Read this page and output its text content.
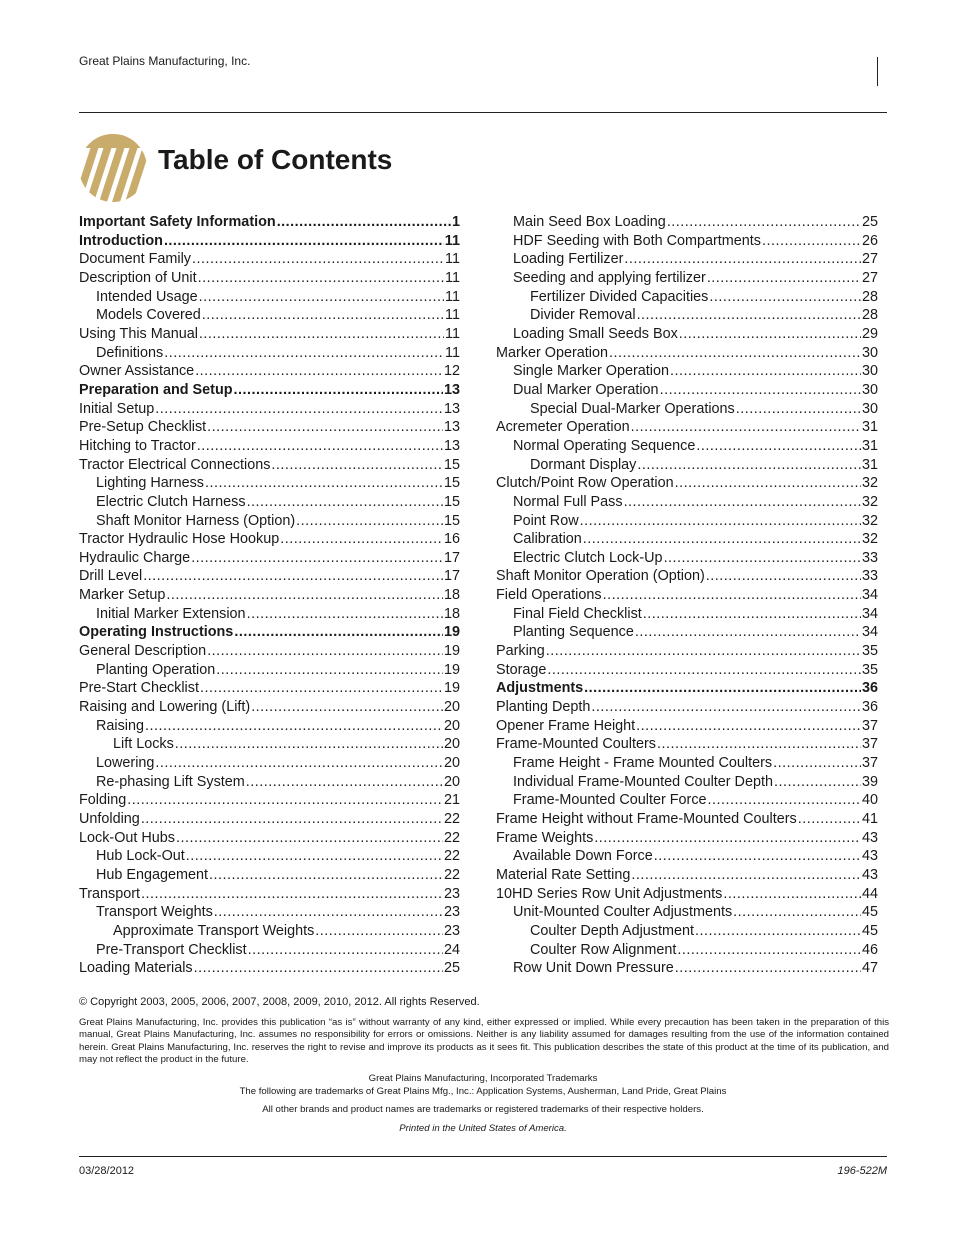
Great Plains Manufacturing, Inc.
Table of Contents
Important Safety Information .....	1
Introduction .....	11
Document Family .....	11
Description of Unit .....	11
Intended Usage .....	11
Models Covered .....	11
Using This Manual .....	11
Definitions .....	11
Owner Assistance .....	12
Preparation and Setup .....	13
Initial Setup .....	13
Pre-Setup Checklist .....	13
Hitching to Tractor .....	13
Tractor Electrical Connections .....	15
Lighting Harness .....	15
Electric Clutch Harness .....	15
Shaft Monitor Harness (Option) .....	15
Tractor Hydraulic Hose Hookup .....	16
Hydraulic Charge .....	17
Drill Level .....	17
Marker Setup .....	18
Initial Marker Extension .....	18
Operating Instructions .....	19
General Description .....	19
Planting Operation .....	19
Pre-Start Checklist .....	19
Raising and Lowering (Lift) .....	20
Raising .....	20
Lift Locks .....	20
Lowering .....	20
Re-phasing Lift System .....	20
Folding .....	21
Unfolding .....	22
Lock-Out Hubs .....	22
Hub Lock-Out .....	22
Hub Engagement .....	22
Transport .....	23
Transport Weights .....	23
Approximate Transport Weights .....	23
Pre-Transport Checklist .....	24
Loading Materials .....	25
Main Seed Box Loading .....	25
HDF Seeding with Both Compartments .....	26
Loading Fertilizer .....	27
Seeding and applying fertilizer .....	27
Fertilizer Divided Capacities .....	28
Divider Removal .....	28
Loading Small Seeds Box .....	29
Marker Operation .....	30
Single Marker Operation .....	30
Dual Marker Operation .....	30
Special Dual-Marker Operations .....	30
Acremeter Operation .....	31
Normal Operating Sequence .....	31
Dormant Display .....	31
Clutch/Point Row Operation .....	32
Normal Full Pass .....	32
Point Row .....	32
Calibration .....	32
Electric Clutch Lock-Up .....	33
Shaft Monitor Operation (Option) .....	33
Field Operations .....	34
Final Field Checklist .....	34
Planting Sequence .....	34
Parking .....	35
Storage .....	35
Adjustments .....	36
Planting Depth .....	36
Opener Frame Height .....	37
Frame-Mounted Coulters .....	37
Frame Height - Frame Mounted Coulters .....	37
Individual Frame-Mounted Coulter Depth .....	39
Frame-Mounted Coulter Force .....	40
Frame Height without Frame-Mounted Coulters .....	41
Frame Weights .....	43
Available Down Force .....	43
Material Rate Setting .....	43
10HD Series Row Unit Adjustments .....	44
Unit-Mounted Coulter Adjustments .....	45
Coulter Depth Adjustment .....	45
Coulter Row Alignment .....	46
Row Unit Down Pressure .....	47
© Copyright 2003, 2005, 2006, 2007, 2008, 2009, 2010, 2012. All rights Reserved.
Great Plains Manufacturing, Inc. provides this publication “as is” without warranty of any kind, either expressed or implied. While every precaution has been taken in the preparation of this manual, Great Plains Manufacturing, Inc. assumes no responsibility for errors or omissions. Neither is any liability assumed for damages resulting from the use of the information contained herein. Great Plains Manufacturing, Inc. reserves the right to revise and improve its products as it sees fit. This publication describes the state of this product at the time of its publication, and may not reflect the product in the future.
Great Plains Manufacturing, Incorporated Trademarks
The following are trademarks of Great Plains Mfg., Inc.: Application Systems, Ausherman, Land Pride, Great Plains
All other brands and product names are trademarks or registered trademarks of their respective holders.
Printed in the United States of America.
03/28/2012	196-522M
